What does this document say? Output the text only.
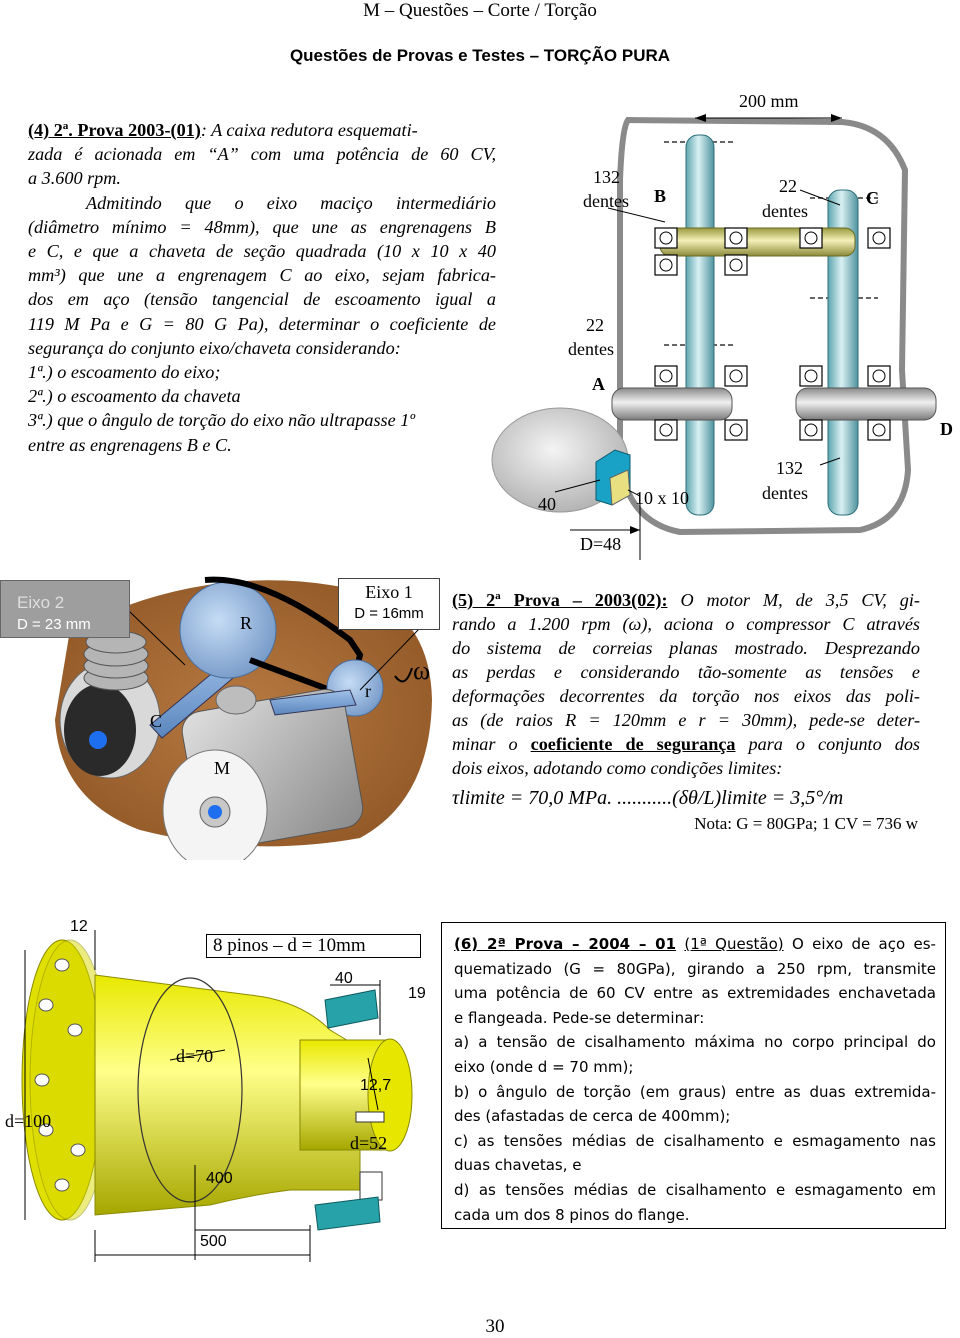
M – Questões – Corte / Torção
Questões de Provas e Testes – TORÇÃO PURA
(4) 2ª. Prova 2003-(01): A caixa redutora esquemati-
zada é acionada em “A” com uma potência de 60 CV,
a 3.600 rpm.
Admitindo que o eixo maciço intermediário
(diâmetro mínimo = 48mm), que une as engrenagens B
e C, e que a chaveta de seção quadrada (10 x 10 x 40
mm³) que une a engrenagem C ao eixo, sejam fabrica-
dos em aço (tensão tangencial de escoamento igual a
119 M Pa e G = 80 G Pa), determinar o coeficiente de
segurança do conjunto eixo/chaveta considerando:
1ª.) o escoamento do eixo;
2ª.) o escoamento da chaveta
3ª.) que o ângulo de torção do eixo não ultrapasse 1º
entre as engrenagens B e C.
200 mm
132
dentes B	22
dentes
C
22
dentes
A
D
132
dentes
40	10 x 10
D=48
Eixo 2
D = 23 mm
Eixo 1
D = 16mm
R
r
C
M
ω
(5) 2ª Prova – 2003(02): O motor M, de 3,5 CV, gi-
rando a 1.200 rpm (ω), aciona o compressor C através
do sistema de correias planas mostrado. Desprezando
as perdas e considerando tão-somente as tensões e
deformações decorrentes da torção nos eixos das poli-
as (de raios R = 120mm e r = 30mm), pede-se deter-
minar o coeficiente de segurança para o conjunto dos
dois eixos, adotando como condições limites:
τlimite = 70,0 MPa. ...........(δθ/L)limite = 3,5°/m
Nota: G = 80GPa; 1 CV = 736 w
12
8 pinos – d = 10mm
40
19
d=70
12,7
d=100
d=52
400
500
(6) 2ª Prova – 2004 – 01 (1ª Questão) O eixo de aço es-
quematizado (G = 80GPa), girando a 250 rpm, transmite
uma potência de 60 CV entre as extremidades enchavetada
e flangeada. Pede-se determinar:
a) a tensão de cisalhamento máxima no corpo principal do
eixo (onde d = 70 mm);
b) o ângulo de torção (em graus) entre as duas extremida-
des (afastadas de cerca de 400mm);
c) as tensões médias de cisalhamento e esmagamento nas
duas chavetas, e
d) as tensões médias de cisalhamento e esmagamento em
cada um dos 8 pinos do flange.
30
